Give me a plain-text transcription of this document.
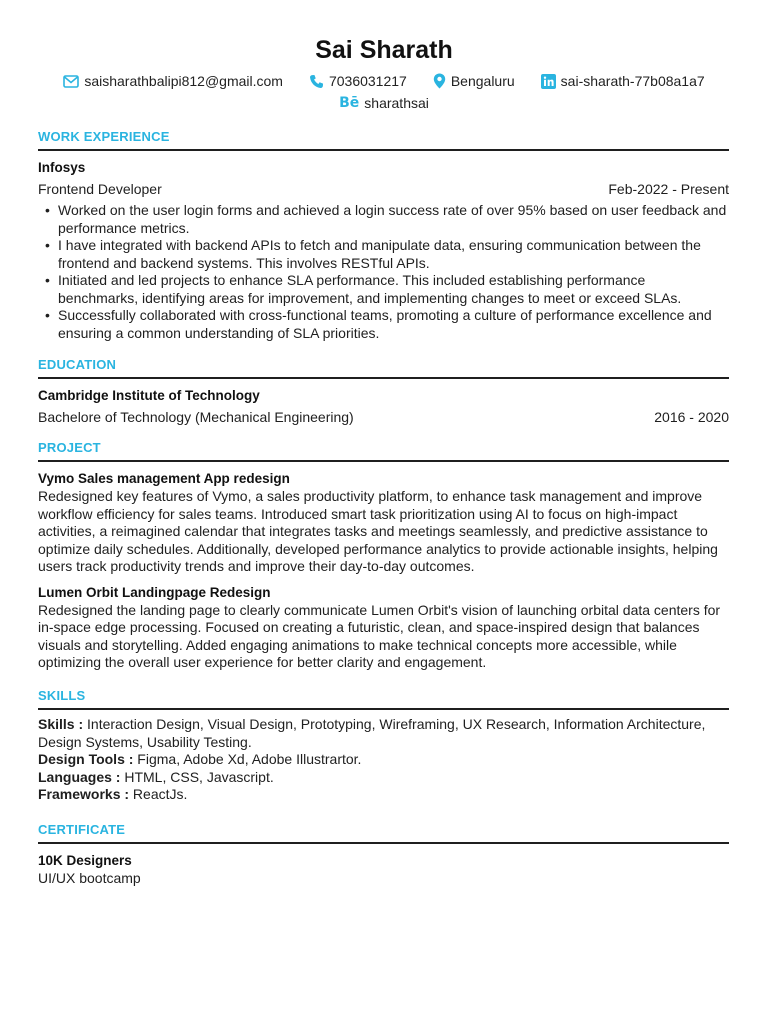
Sai Sharath
saisharathbalipi812@gmail.com	7036031217	Bengaluru	sai-sharath-77b08a1a7
Bē sharathsai
WORK EXPERIENCE
Infosys
Frontend Developer	Feb-2022 - Present
• Worked on the user login forms and achieved a login success rate of over 95% based on user feedback and performance metrics.
• I have integrated with backend APIs to fetch and manipulate data, ensuring communication between the frontend and backend systems. This involves RESTful APIs.
• Initiated and led projects to enhance SLA performance. This included establishing performance benchmarks, identifying areas for improvement, and implementing changes to meet or exceed SLAs.
• Successfully collaborated with cross-functional teams, promoting a culture of performance excellence and ensuring a common understanding of SLA priorities.
EDUCATION
Cambridge Institute of Technology
Bachelore of Technology (Mechanical Engineering)	2016 - 2020
PROJECT
Vymo Sales management App redesign
Redesigned key features of Vymo, a sales productivity platform, to enhance task management and improve workflow efficiency for sales teams. Introduced smart task prioritization using AI to focus on high-impact activities, a reimagined calendar that integrates tasks and meetings seamlessly, and predictive assistance to optimize daily schedules. Additionally, developed performance analytics to provide actionable insights, helping users track productivity trends and improve their day-to-day outcomes.
Lumen Orbit Landingpage Redesign
Redesigned the landing page to clearly communicate Lumen Orbit's vision of launching orbital data centers for in-space edge processing. Focused on creating a futuristic, clean, and space-inspired design that balances visuals and storytelling. Added engaging animations to make technical concepts more accessible, while optimizing the overall user experience for better clarity and engagement.
SKILLS
Skills : Interaction Design, Visual Design, Prototyping, Wireframing, UX Research, Information Architecture, Design Systems, Usability Testing.
Design Tools : Figma, Adobe Xd, Adobe Illustrartor.
Languages : HTML, CSS, Javascript.
Frameworks : ReactJs.
CERTIFICATE
10K Designers
UI/UX bootcamp
